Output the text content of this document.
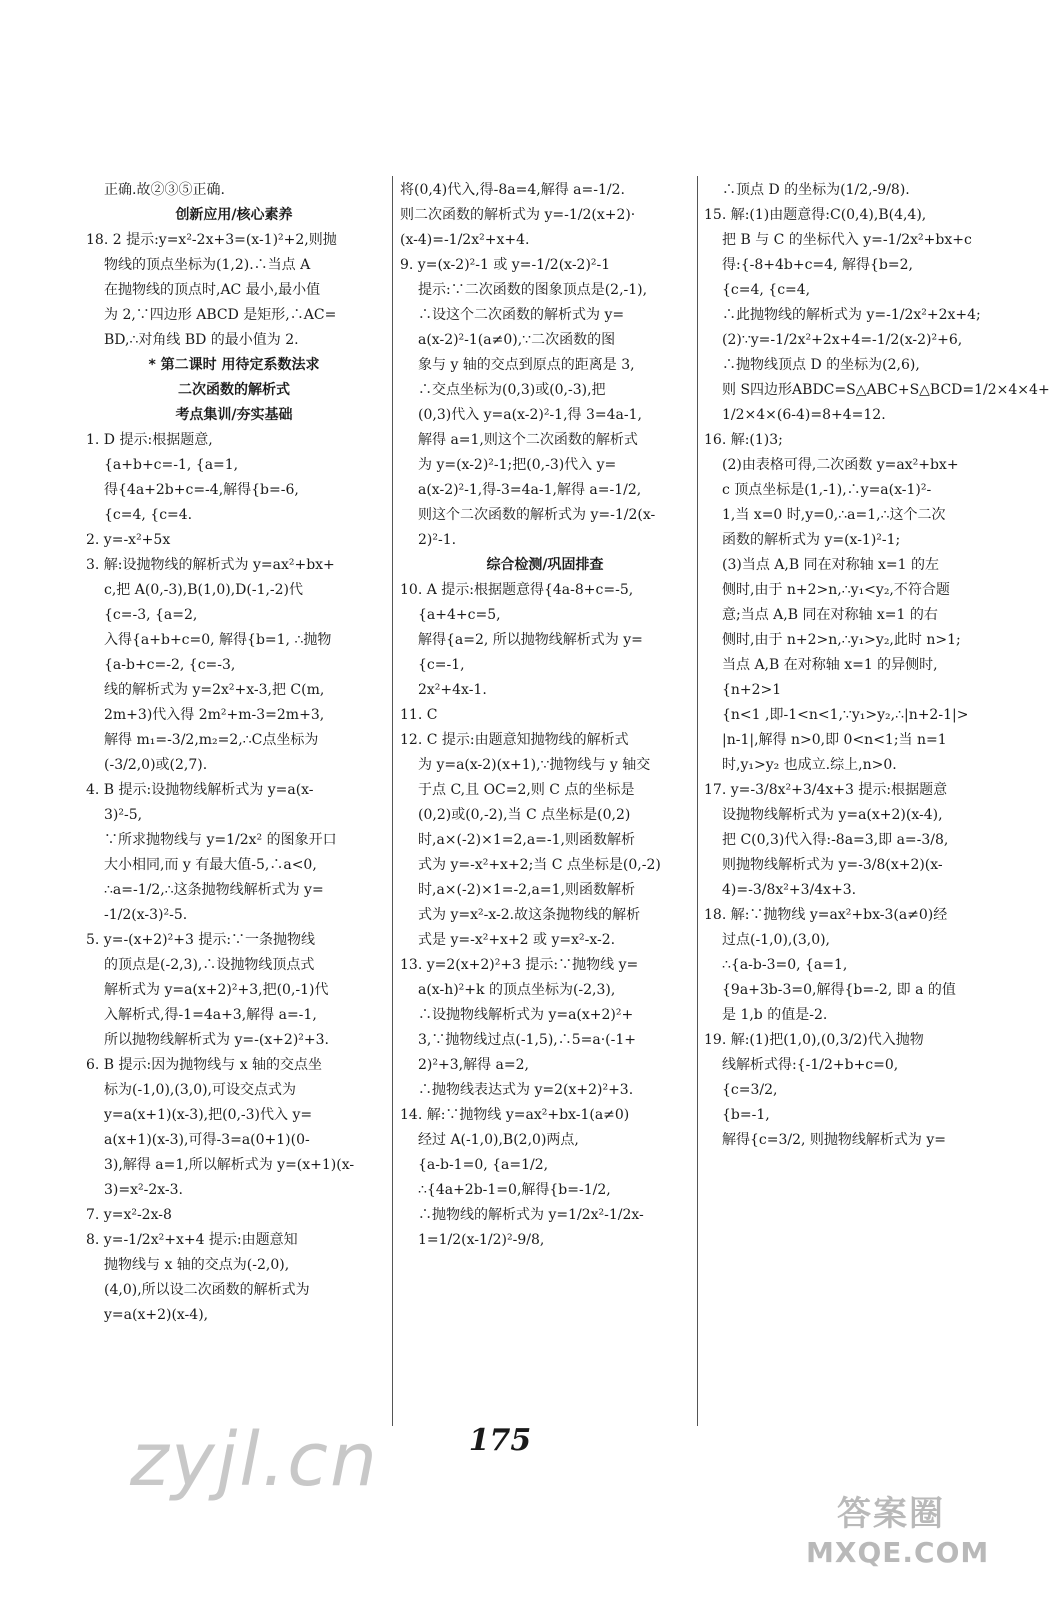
正确.故②③⑤正确.
创新应用/核心素养
18. 2 提示:y=x²-2x+3=(x-1)²+2,则抛
物线的顶点坐标为(1,2).∴当点 A
在抛物线的顶点时,AC 最小,最小值
为 2,∵四边形 ABCD 是矩形,∴AC=
BD,∴对角线 BD 的最小值为 2.
* 第二课时 用待定系数法求
二次函数的解析式
考点集训/夯实基础
1. D 提示:根据题意,
{a+b+c=-1, {a=1,
得{4a+2b+c=-4,解得{b=-6,
{c=4, {c=4.
2. y=-x²+5x
3. 解:设抛物线的解析式为 y=ax²+bx+
c,把 A(0,-3),B(1,0),D(-1,-2)代
{c=-3, {a=2,
入得{a+b+c=0, 解得{b=1, ∴抛物
{a-b+c=-2, {c=-3,
线的解析式为 y=2x²+x-3,把 C(m,
2m+3)代入得 2m²+m-3=2m+3,
解得 m₁=-3/2,m₂=2,∴C点坐标为
(-3/2,0)或(2,7).
4. B 提示:设抛物线解析式为 y=a(x-
3)²-5,
∵所求抛物线与 y=1/2x² 的图象开口
大小相同,而 y 有最大值-5,∴a<0,
∴a=-1/2,∴这条抛物线解析式为 y=
-1/2(x-3)²-5.
5. y=-(x+2)²+3 提示:∵一条抛物线
的顶点是(-2,3),∴设抛物线顶点式
解析式为 y=a(x+2)²+3,把(0,-1)代
入解析式,得-1=4a+3,解得 a=-1,
所以抛物线解析式为 y=-(x+2)²+3.
6. B 提示:因为抛物线与 x 轴的交点坐
标为(-1,0),(3,0),可设交点式为
y=a(x+1)(x-3),把(0,-3)代入 y=
a(x+1)(x-3),可得-3=a(0+1)(0-
3),解得 a=1,所以解析式为 y=(x+1)(x-
3)=x²-2x-3.
7. y=x²-2x-8
8. y=-1/2x²+x+4 提示:由题意知
抛物线与 x 轴的交点为(-2,0),
(4,0),所以设二次函数的解析式为
y=a(x+2)(x-4),
将(0,4)代入,得-8a=4,解得 a=-1/2.
则二次函数的解析式为 y=-1/2(x+2)·
(x-4)=-1/2x²+x+4.
9. y=(x-2)²-1 或 y=-1/2(x-2)²-1
提示:∵二次函数的图象顶点是(2,-1),
∴设这个二次函数的解析式为 y=
a(x-2)²-1(a≠0),∵二次函数的图
象与 y 轴的交点到原点的距离是 3,
∴交点坐标为(0,3)或(0,-3),把
(0,3)代入 y=a(x-2)²-1,得 3=4a-1,
解得 a=1,则这个二次函数的解析式
为 y=(x-2)²-1;把(0,-3)代入 y=
a(x-2)²-1,得-3=4a-1,解得 a=-1/2,
则这个二次函数的解析式为 y=-1/2(x-
2)²-1.
综合检测/巩固排查
10. A 提示:根据题意得{4a-8+c=-5,
{a+4+c=5,
解得{a=2, 所以抛物线解析式为 y=
{c=-1,
2x²+4x-1.
11. C
12. C 提示:由题意知抛物线的解析式
为 y=a(x-2)(x+1),∵抛物线与 y 轴交
于点 C,且 OC=2,则 C 点的坐标是
(0,2)或(0,-2),当 C 点坐标是(0,2)
时,a×(-2)×1=2,a=-1,则函数解析
式为 y=-x²+x+2;当 C 点坐标是(0,-2)
时,a×(-2)×1=-2,a=1,则函数解析
式为 y=x²-x-2.故这条抛物线的解析
式是 y=-x²+x+2 或 y=x²-x-2.
13. y=2(x+2)²+3 提示:∵抛物线 y=
a(x-h)²+k 的顶点坐标为(-2,3),
∴设抛物线解析式为 y=a(x+2)²+
3,∵抛物线过点(-1,5),∴5=a·(-1+
2)²+3,解得 a=2,
∴抛物线表达式为 y=2(x+2)²+3.
14. 解:∵抛物线 y=ax²+bx-1(a≠0)
经过 A(-1,0),B(2,0)两点,
{a-b-1=0, {a=1/2,
∴{4a+2b-1=0,解得{b=-1/2,
∴抛物线的解析式为 y=1/2x²-1/2x-
1=1/2(x-1/2)²-9/8,
∴顶点 D 的坐标为(1/2,-9/8).
15. 解:(1)由题意得:C(0,4),B(4,4),
把 B 与 C 的坐标代入 y=-1/2x²+bx+c
得:{-8+4b+c=4, 解得{b=2,
{c=4, {c=4,
∴此抛物线的解析式为 y=-1/2x²+2x+4;
(2)∵y=-1/2x²+2x+4=-1/2(x-2)²+6,
∴抛物线顶点 D 的坐标为(2,6),
则 S四边形ABDC=S△ABC+S△BCD=1/2×4×4+
1/2×4×(6-4)=8+4=12.
16. 解:(1)3;
(2)由表格可得,二次函数 y=ax²+bx+
c 顶点坐标是(1,-1),∴y=a(x-1)²-
1,当 x=0 时,y=0,∴a=1,∴这个二次
函数的解析式为 y=(x-1)²-1;
(3)当点 A,B 同在对称轴 x=1 的左
侧时,由于 n+2>n,∴y₁<y₂,不符合题
意;当点 A,B 同在对称轴 x=1 的右
侧时,由于 n+2>n,∴y₁>y₂,此时 n>1;
当点 A,B 在对称轴 x=1 的异侧时,
{n+2>1
{n<1 ,即-1<n<1,∵y₁>y₂,∴|n+2-1|>
|n-1|,解得 n>0,即 0<n<1;当 n=1
时,y₁>y₂ 也成立.综上,n>0.
17. y=-3/8x²+3/4x+3 提示:根据题意
设抛物线解析式为 y=a(x+2)(x-4),
把 C(0,3)代入得:-8a=3,即 a=-3/8,
则抛物线解析式为 y=-3/8(x+2)(x-
4)=-3/8x²+3/4x+3.
18. 解:∵抛物线 y=ax²+bx-3(a≠0)经
过点(-1,0),(3,0),
∴{a-b-3=0, {a=1,
{9a+3b-3=0,解得{b=-2, 即 a 的值
是 1,b 的值是-2.
19. 解:(1)把(1,0),(0,3/2)代入抛物
线解析式得:{-1/2+b+c=0,
{c=3/2,
{b=-1,
解得{c=3/2, 则抛物线解析式为 y=
175
zyjl.cn
答案圈
MXQE.COM
